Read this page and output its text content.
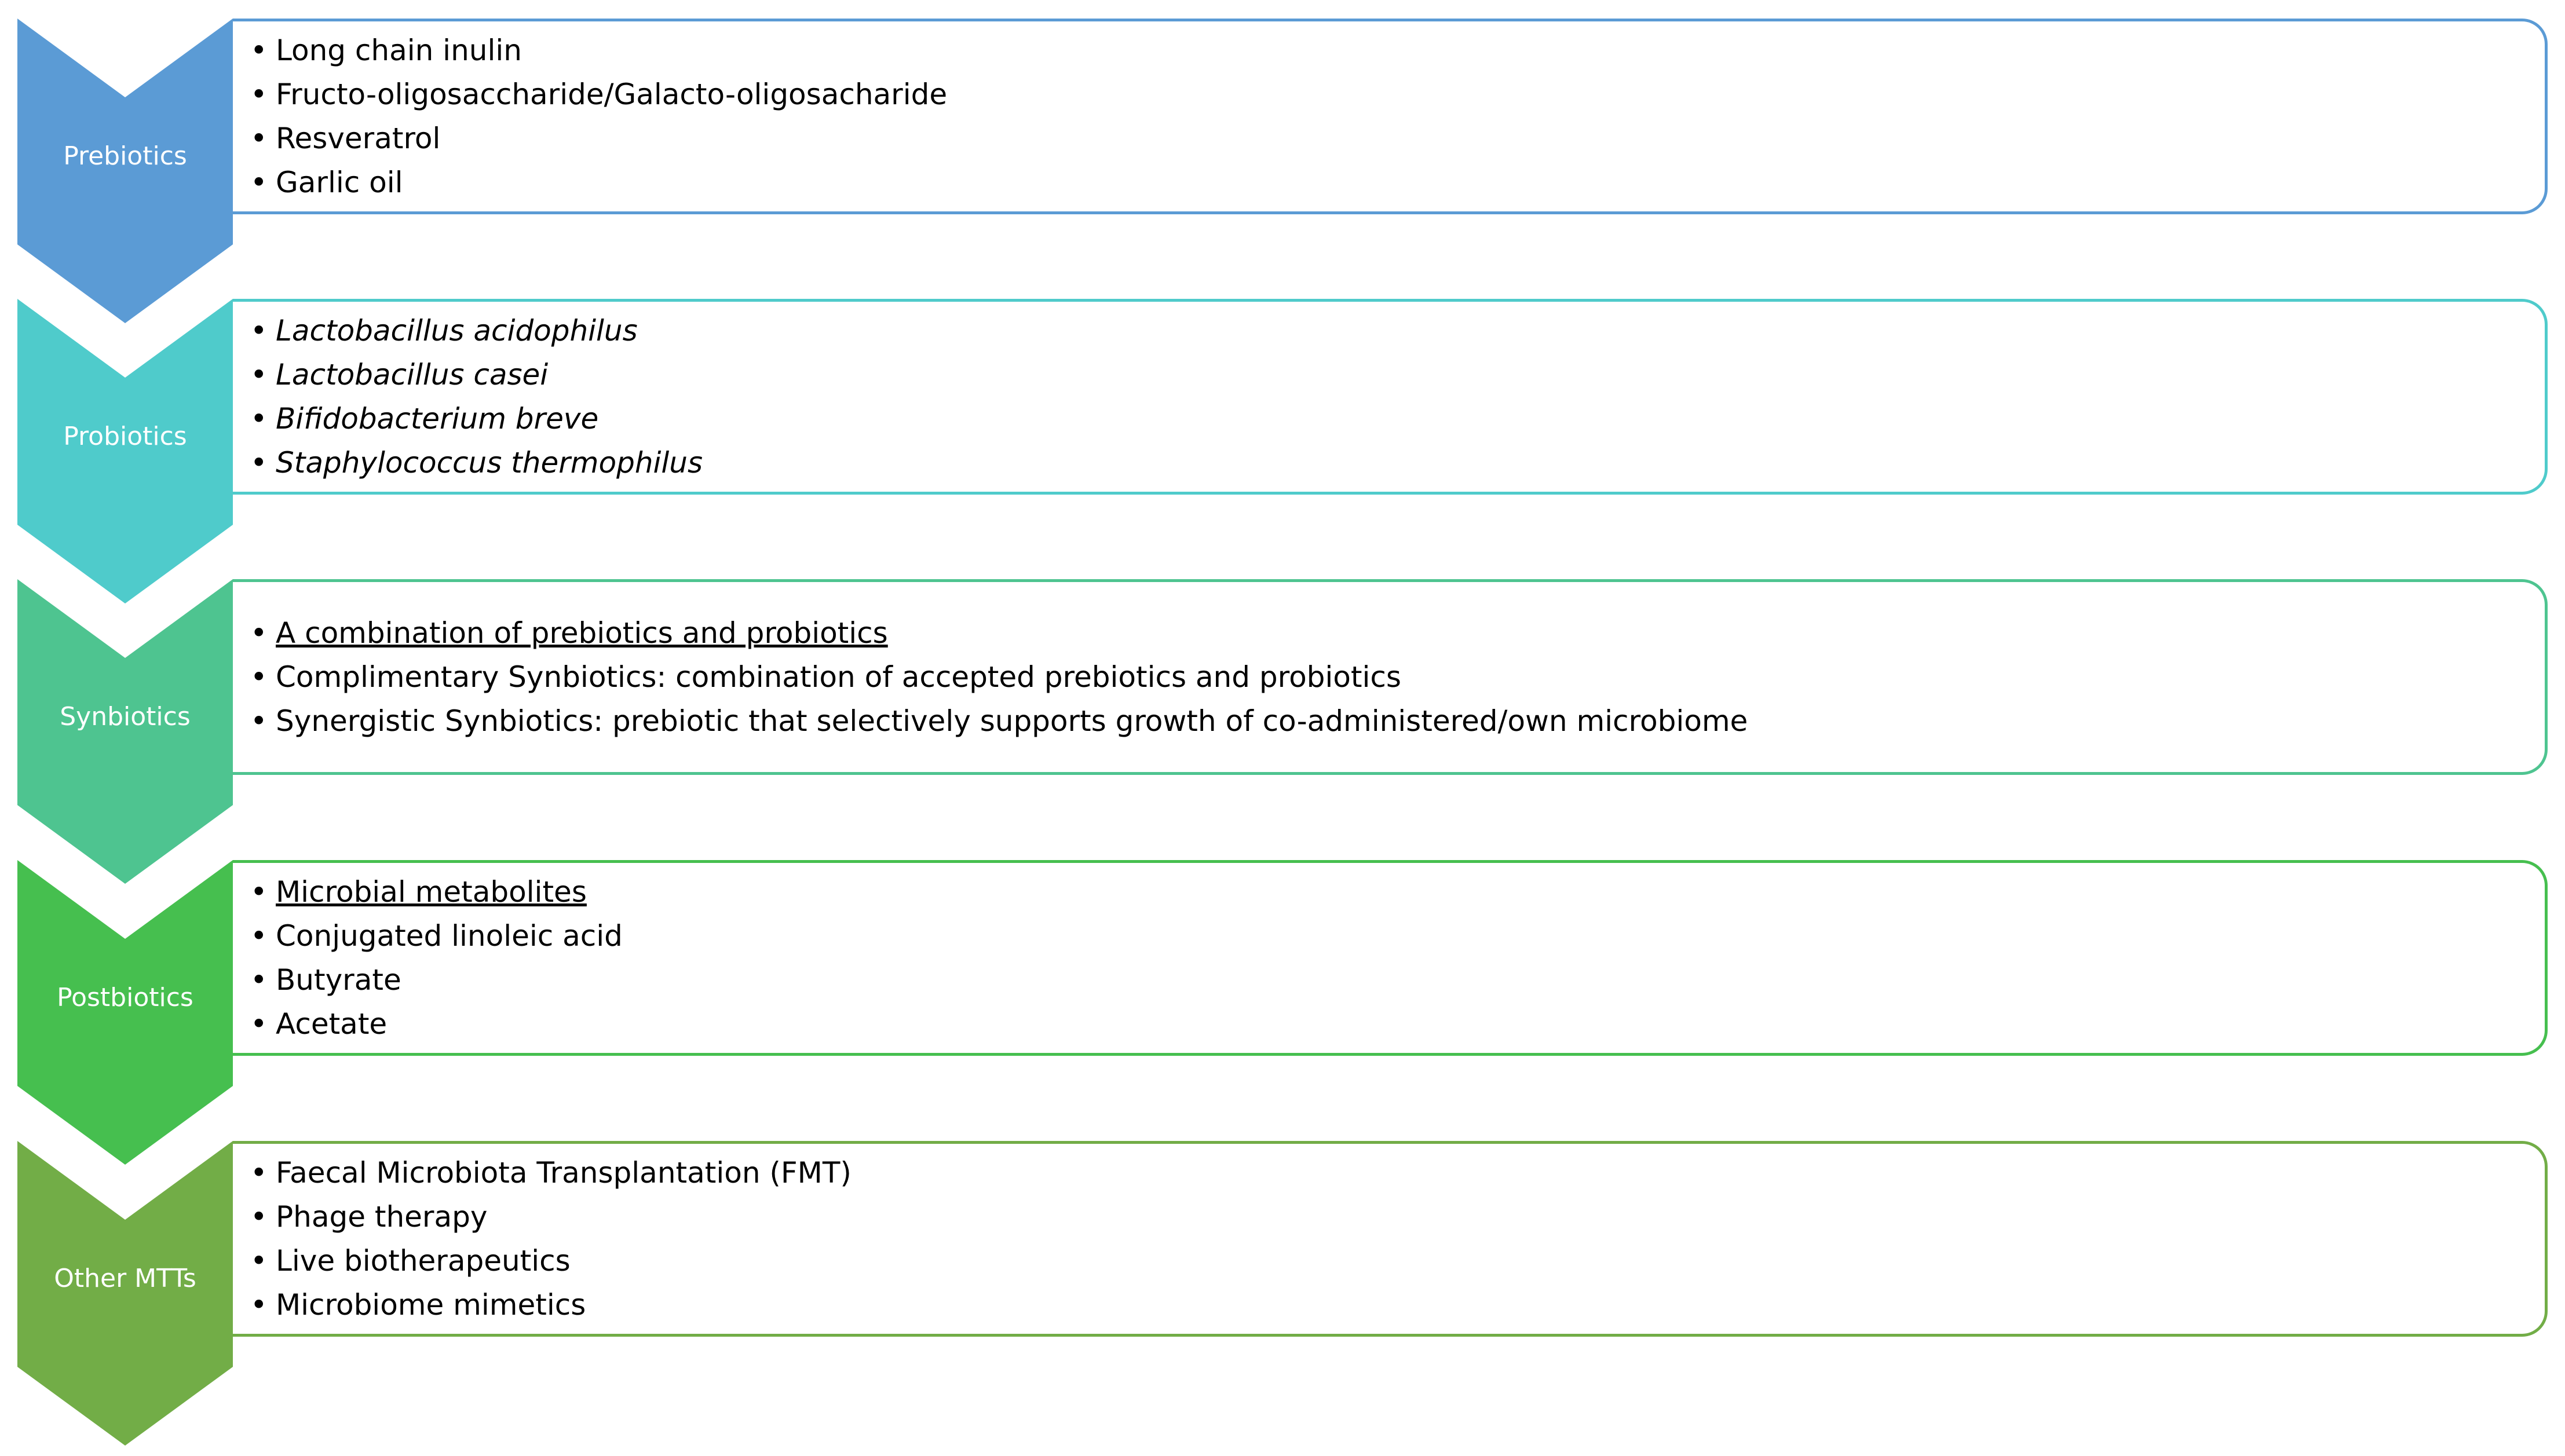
• Long chain inulin
• Fructo-oligosaccharide/Galacto-oligosacharide
• Resveratrol
• Garlic oil
Prebiotics
• Lactobacillus acidophilus
• Lactobacillus casei
• Bifidobacterium breve
• Staphylococcus thermophilus
Probiotics
• A combination of prebiotics and probiotics
• Complimentary Synbiotics: combination of accepted prebiotics and probiotics
• Synergistic Synbiotics: prebiotic that selectively supports growth of co-administered/own microbiome
Synbiotics
• Microbial metabolites
• Conjugated linoleic acid
• Butyrate
• Acetate
Postbiotics
• Faecal Microbiota Transplantation (FMT)
• Phage therapy
• Live biotherapeutics
• Microbiome mimetics
Other MTTs
